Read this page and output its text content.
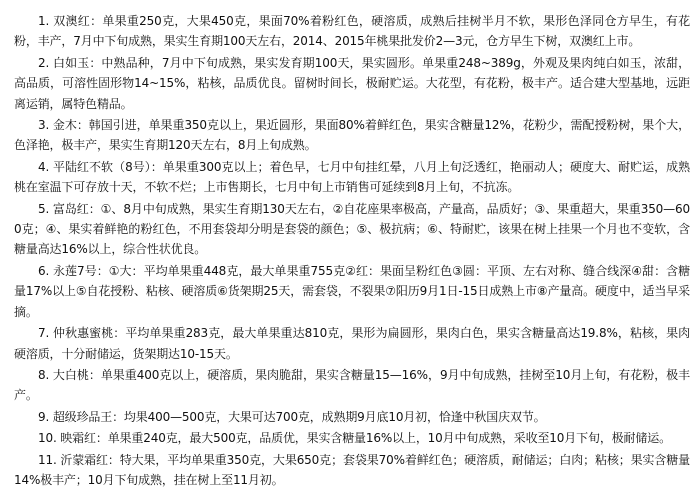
1. 双澳红：单果重250克，大果450克，果面70%着粉红色，硬溶质，成熟后挂树半月不软，果形色泽同仓方早生，有花粉，丰产，7月中下旬成熟，果实生育期100天左右，2014、2015年桃果批发价2—3元，仓方早生下树，双澳红上市。

2. 白如玉：中熟品种，7月中下旬成熟，果实发育期100天，果实圆形。单果重248~389g，外观及果肉纯白如玉，浓甜，高品质，可溶性固形物14~15%，粘核，品质优良。留树时间长，极耐贮运。大花型，有花粉，极丰产。适合建大型基地，远距离运销，属特色精品。

3. 金木：韩国引进，单果重350克以上，果近圆形，果面80%着鲜红色，果实含糖量12%，花粉少，需配授粉树，果个大，色泽艳，极丰产，果实生育期120天左右，8月上旬成熟。

4. 平陆红不软（8号）：单果重300克以上；着色早，七月中旬挂红晕，八月上旬泛透红，艳丽动人；硬度大、耐贮运，成熟桃在室温下可存放十天，不软不烂；上市售期长，七月中旬上市销售可延续到8月上旬，不抗冻。

5. 富岛红：①、8月中旬成熟，果实生育期130天左右，②自花座果率极高，产量高，品质好；③、果重超大，果重350—600克；④、果实着鲜艳的粉红色，不用套袋却分明是套袋的颜色；⑤、极抗病；⑥、特耐贮，该果在树上挂果一个月也不变软，含糖量高达16%以上，综合性状优良。

6. 永莲7号：①大：平均单果重448克，最大单果重755克②红：果面呈粉红色③圆：平顶、左右对称、缝合线深④甜：含糖量17%以上⑤自花授粉、粘核、硬溶质⑥货架期25天，需套袋，不裂果⑦阳历9月1日-15日成熟上市⑧产量高。硬度中，适当早采摘。

7. 仲秋惠蜜桃：平均单果重283克，最大单果重达810克，果形为扁圆形，果肉白色，果实含糖量高达19.8%，粘核，果肉硬溶质，十分耐储运，货架期达10-15天。

8. 大白桃：单果重400克以上，硬溶质，果肉脆甜，果实含糖量15—16%，9月中旬成熟，挂树至10月上旬，有花粉，极丰产。

9. 超级珍品王：均果400—500克，大果可达700克，成熟期9月底10月初，恰逢中秋国庆双节。

10. 映霜红：单果重240克，最大500克，品质优，果实含糖量16%以上，10月中旬成熟，采收至10月下旬，极耐储运。

11. 沂蒙霜红：特大果，平均单果重350克，大果650克；套袋果70%着鲜红色；硬溶质，耐储运；白肉；粘核；果实含糖量14%极丰产；10月下旬成熟，挂在树上至11月初。
